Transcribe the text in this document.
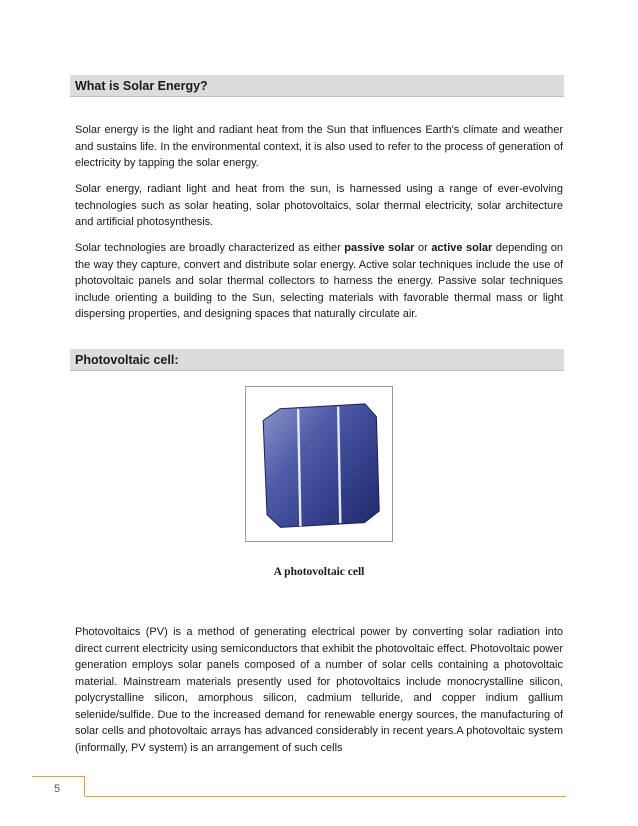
What is Solar Energy?

Solar energy is the light and radiant heat from the Sun that influences Earth's climate and weather and sustains life. In the environmental context, it is also used to refer to the process of generation of electricity by tapping the solar energy.

Solar energy, radiant light and heat from the sun, is harnessed using a range of ever-evolving technologies such as solar heating, solar photovoltaics, solar thermal electricity, solar architecture and artificial photosynthesis.

Solar technologies are broadly characterized as either passive solar or active solar depending on the way they capture, convert and distribute solar energy. Active solar techniques include the use of photovoltaic panels and solar thermal collectors to harness the energy. Passive solar techniques include orienting a building to the Sun, selecting materials with favorable thermal mass or light dispersing properties, and designing spaces that naturally circulate air.

Photovoltaic cell:
A photovoltaic cell

Photovoltaics (PV) is a method of generating electrical power by converting solar radiation into direct current electricity using semiconductors that exhibit the photovoltaic effect. Photovoltaic power generation employs solar panels composed of a number of solar cells containing a photovoltaic material. Mainstream materials presently used for photovoltaics include monocrystalline silicon, polycrystalline silicon, amorphous silicon, cadmium telluride, and copper indium gallium selenide/sulfide. Due to the increased demand for renewable energy sources, the manufacturing of solar cells and photovoltaic arrays has advanced considerably in recent years.A photovoltaic system (informally, PV system) is an arrangement of such cells

5
